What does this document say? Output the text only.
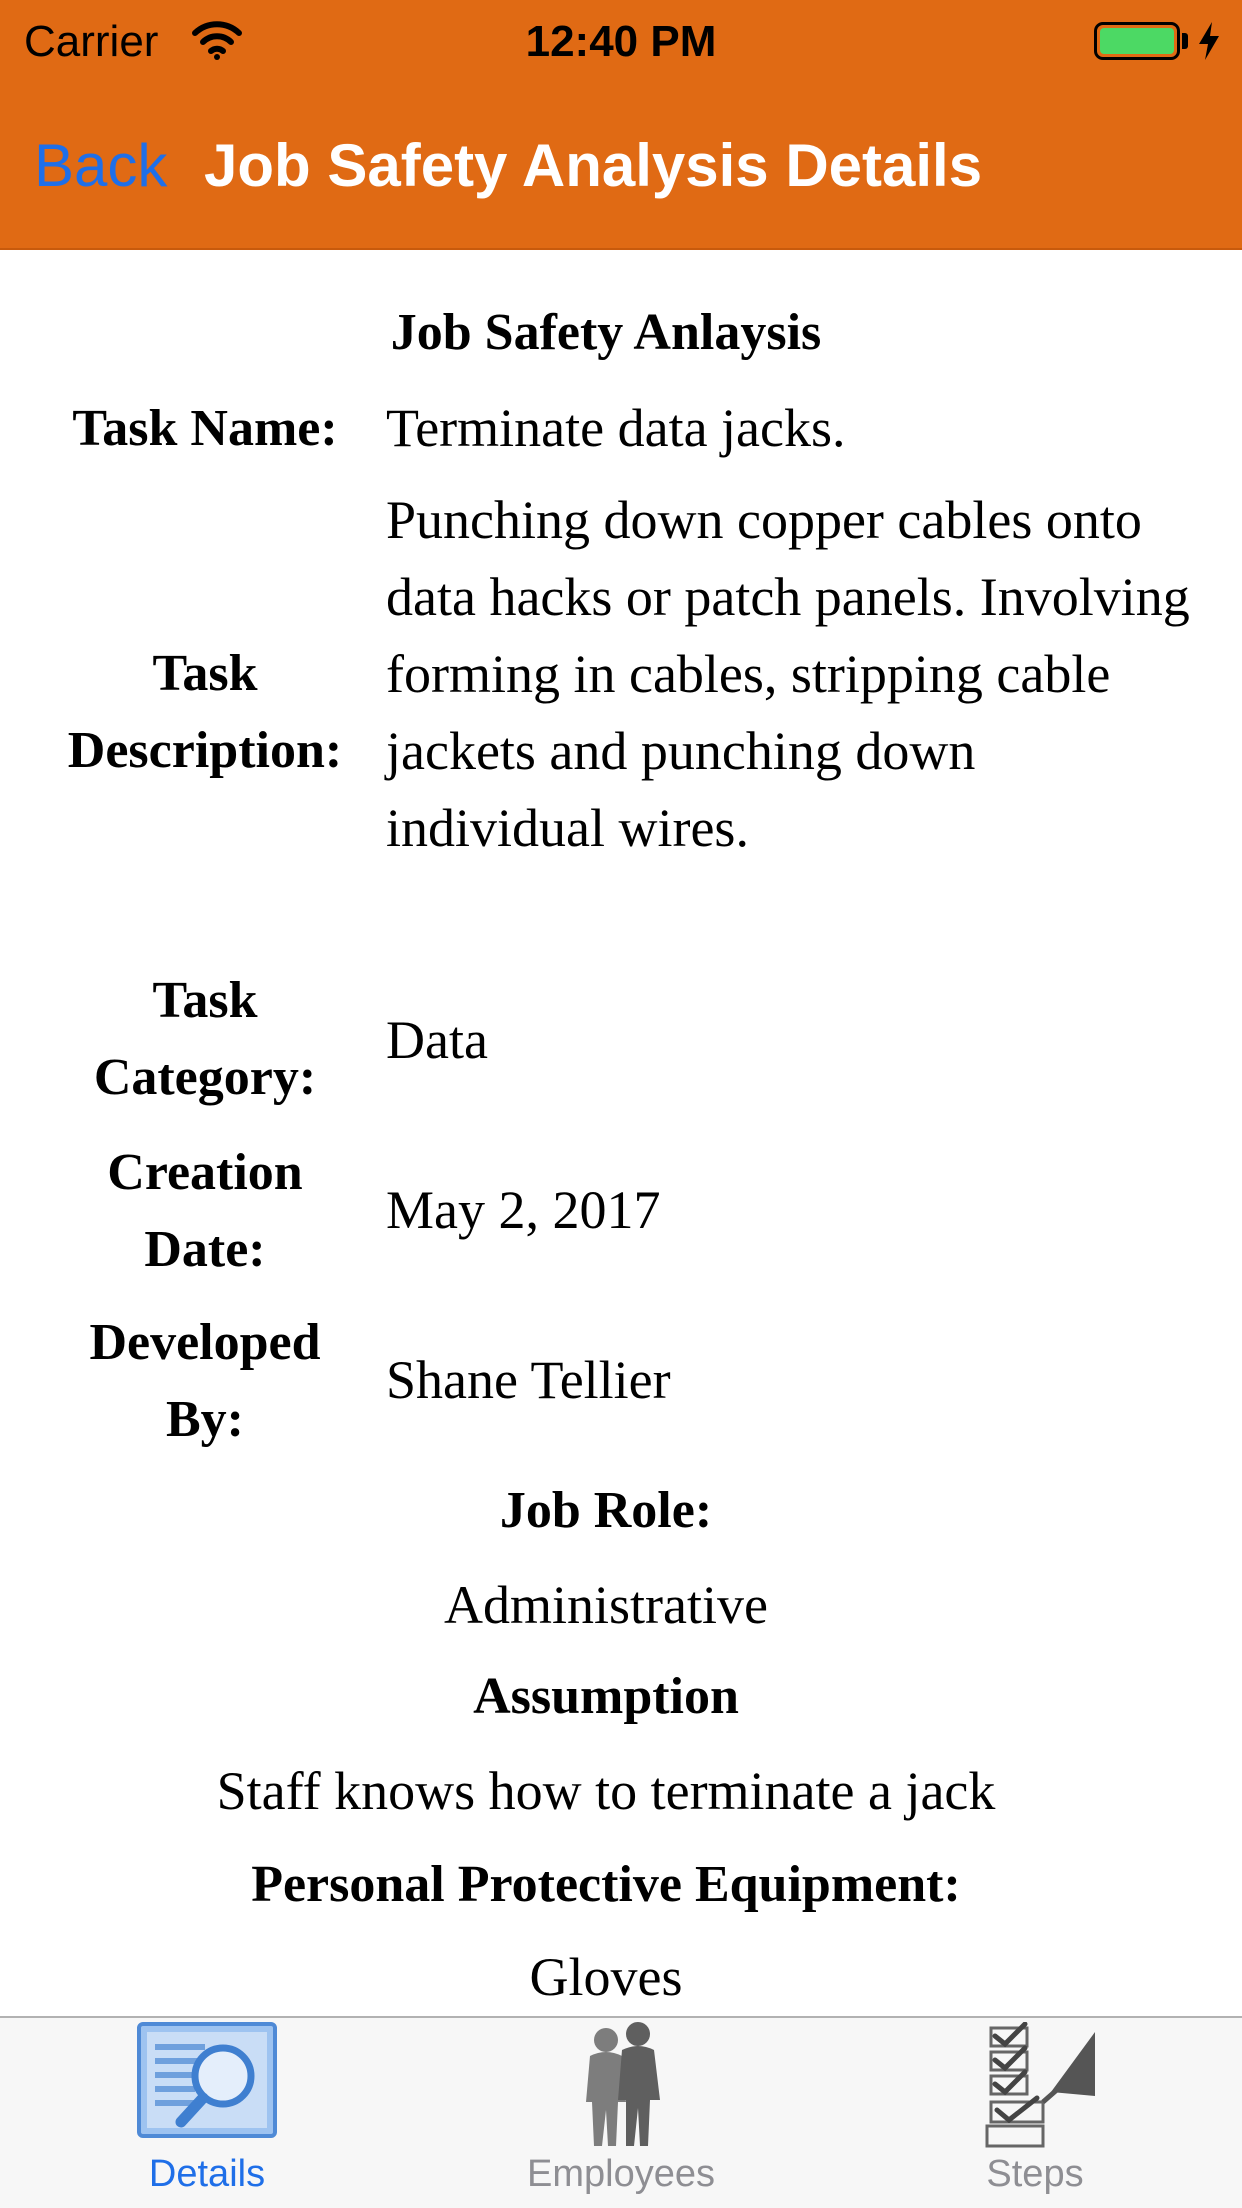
Carrier	12:40 PM
Back Job Safety Analysis Details
Job Safety Anlaysis
Task Name: Terminate data jacks.
Task Description:
Punching down copper cables onto data hacks or patch panels. Involving forming in cables, stripping cable jackets and punching down individual wires.
Task Category:
Data
Creation Date:
May 2, 2017
Developed By:
Shane Tellier
Job Role:
Administrative
Assumption
Staff knows how to terminate a jack
Personal Protective Equipment:
Gloves
Details	Employees	Steps
